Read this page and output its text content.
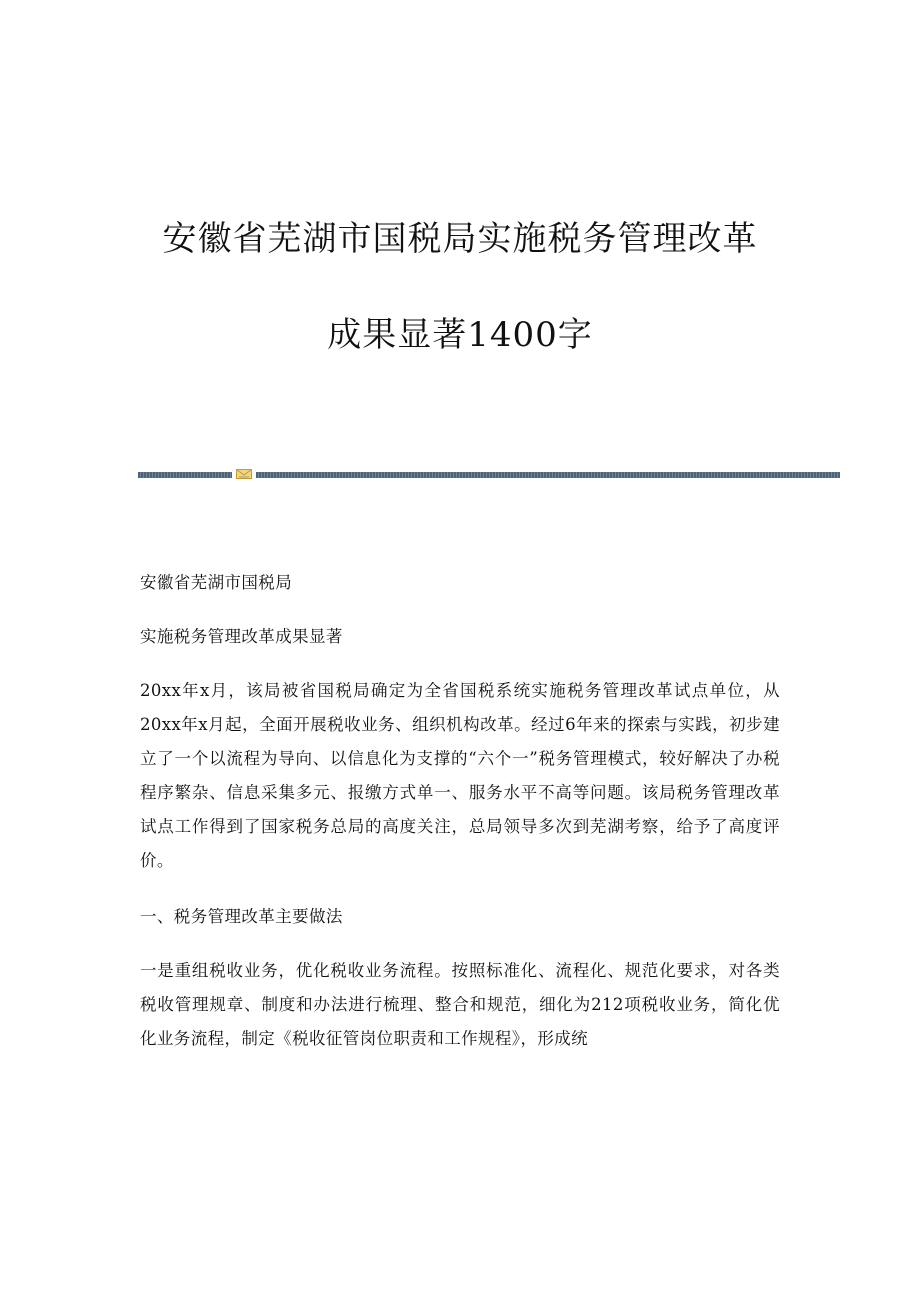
安徽省芜湖市国税局实施税务管理改革
成果显著1400字

安徽省芜湖市国税局

实施税务管理改革成果显著

20xx年x月，该局被省国税局确定为全省国税系统实施税务管理改革试点单位，从20xx年x月起，全面开展税收业务、组织机构改革。经过6年来的探索与实践，初步建立了一个以流程为导向、以信息化为支撑的“六个一”税务管理模式，较好解决了办税程序繁杂、信息采集多元、报缴方式单一、服务水平不高等问题。该局税务管理改革试点工作得到了国家税务总局的高度关注，总局领导多次到芜湖考察，给予了高度评价。

一、税务管理改革主要做法

一是重组税收业务，优化税收业务流程。按照标准化、流程化、规范化要求，对各类税收管理规章、制度和办法进行梳理、整合和规范，细化为212项税收业务，简化优化业务流程，制定《税收征管岗位职责和工作规程》，形成统
